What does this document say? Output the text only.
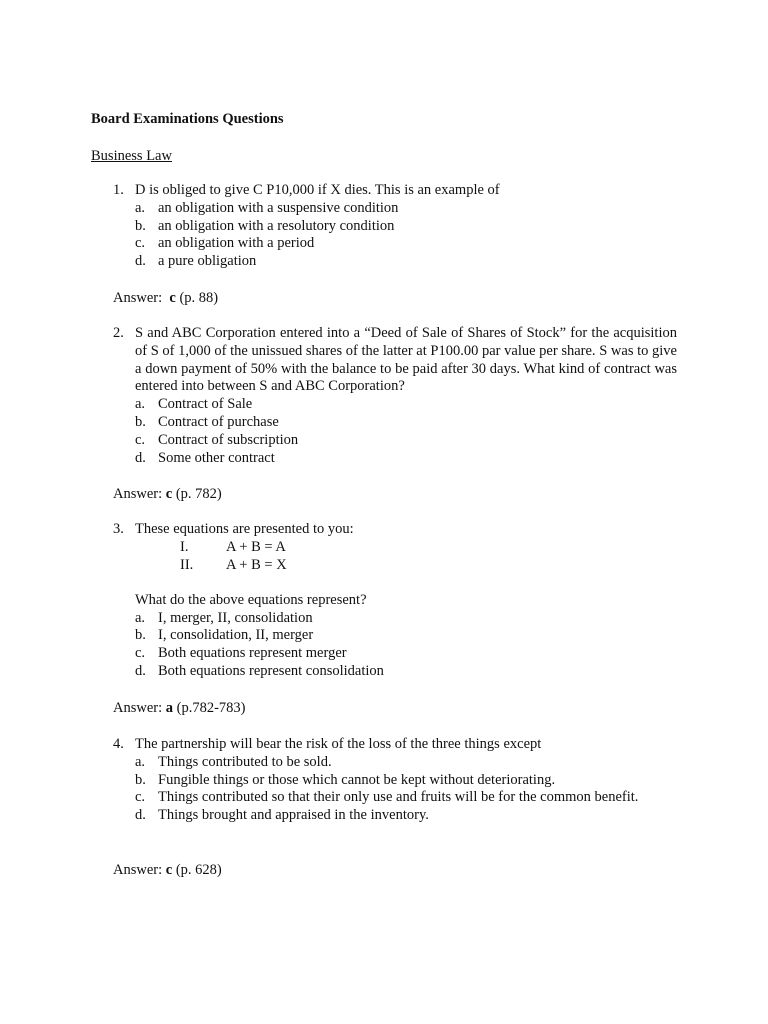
Board Examinations Questions
Business Law
1. D is obliged to give C P10,000 if X dies. This is an example of
a. an obligation with a suspensive condition
b. an obligation with a resolutory condition
c. an obligation with a period
d. a pure obligation
Answer: c (p. 88)
2. S and ABC Corporation entered into a “Deed of Sale of Shares of Stock” for the acquisition of S of 1,000 of the unissued shares of the latter at P100.00 par value per share. S was to give a down payment of 50% with the balance to be paid after 30 days. What kind of contract was entered into between S and ABC Corporation?
a. Contract of Sale
b. Contract of purchase
c. Contract of subscription
d. Some other contract
Answer: c (p. 782)
3. These equations are presented to you:
I.	A + B = A
II. A + B = X
What do the above equations represent?
a. I, merger, II, consolidation
b. I, consolidation, II, merger
c. Both equations represent merger
d. Both equations represent consolidation
Answer: a (p.782-783)
4. The partnership will bear the risk of the loss of the three things except
a. Things contributed to be sold.
b. Fungible things or those which cannot be kept without deteriorating.
c. Things contributed so that their only use and fruits will be for the common benefit.
d. Things brought and appraised in the inventory.
Answer: c (p. 628)
